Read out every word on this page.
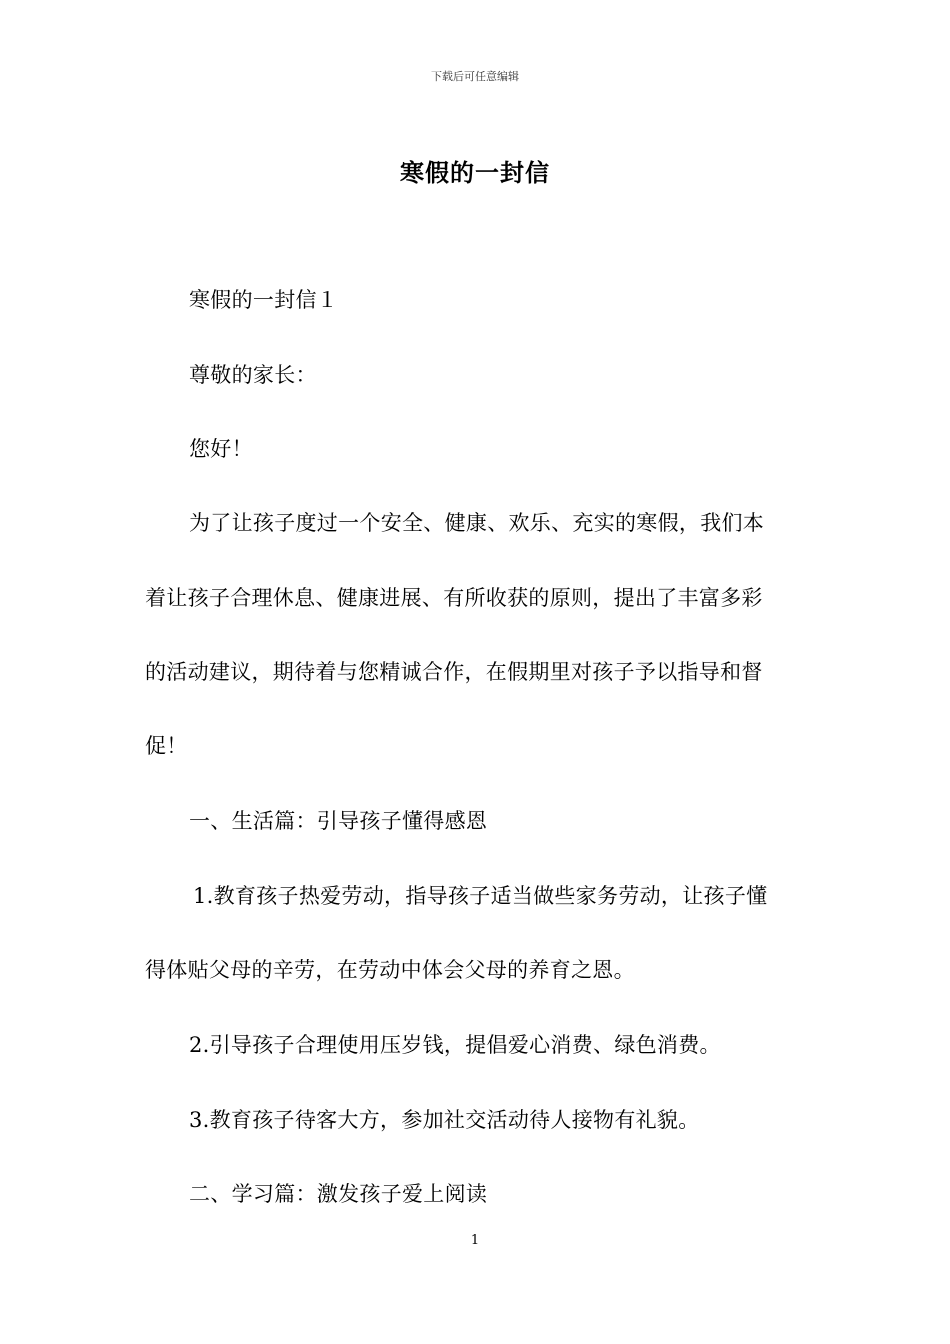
下载后可任意编辑
寒假的一封信
寒假的一封信１
尊敬的家长：
您好！
为了让孩子度过一个安全、健康、欢乐、充实的寒假，我们本
着让孩子合理休息、健康进展、有所收获的原则，提出了丰富多彩
的活动建议，期待着与您精诚合作，在假期里对孩子予以指导和督
促！
一、生活篇：引导孩子懂得感恩
1.教育孩子热爱劳动，指导孩子适当做些家务劳动，让孩子懂
得体贴父母的辛劳，在劳动中体会父母的养育之恩。
2.引导孩子合理使用压岁钱，提倡爱心消费、绿色消费。
3.教育孩子待客大方，参加社交活动待人接物有礼貌。
二、学习篇：激发孩子爱上阅读
1
